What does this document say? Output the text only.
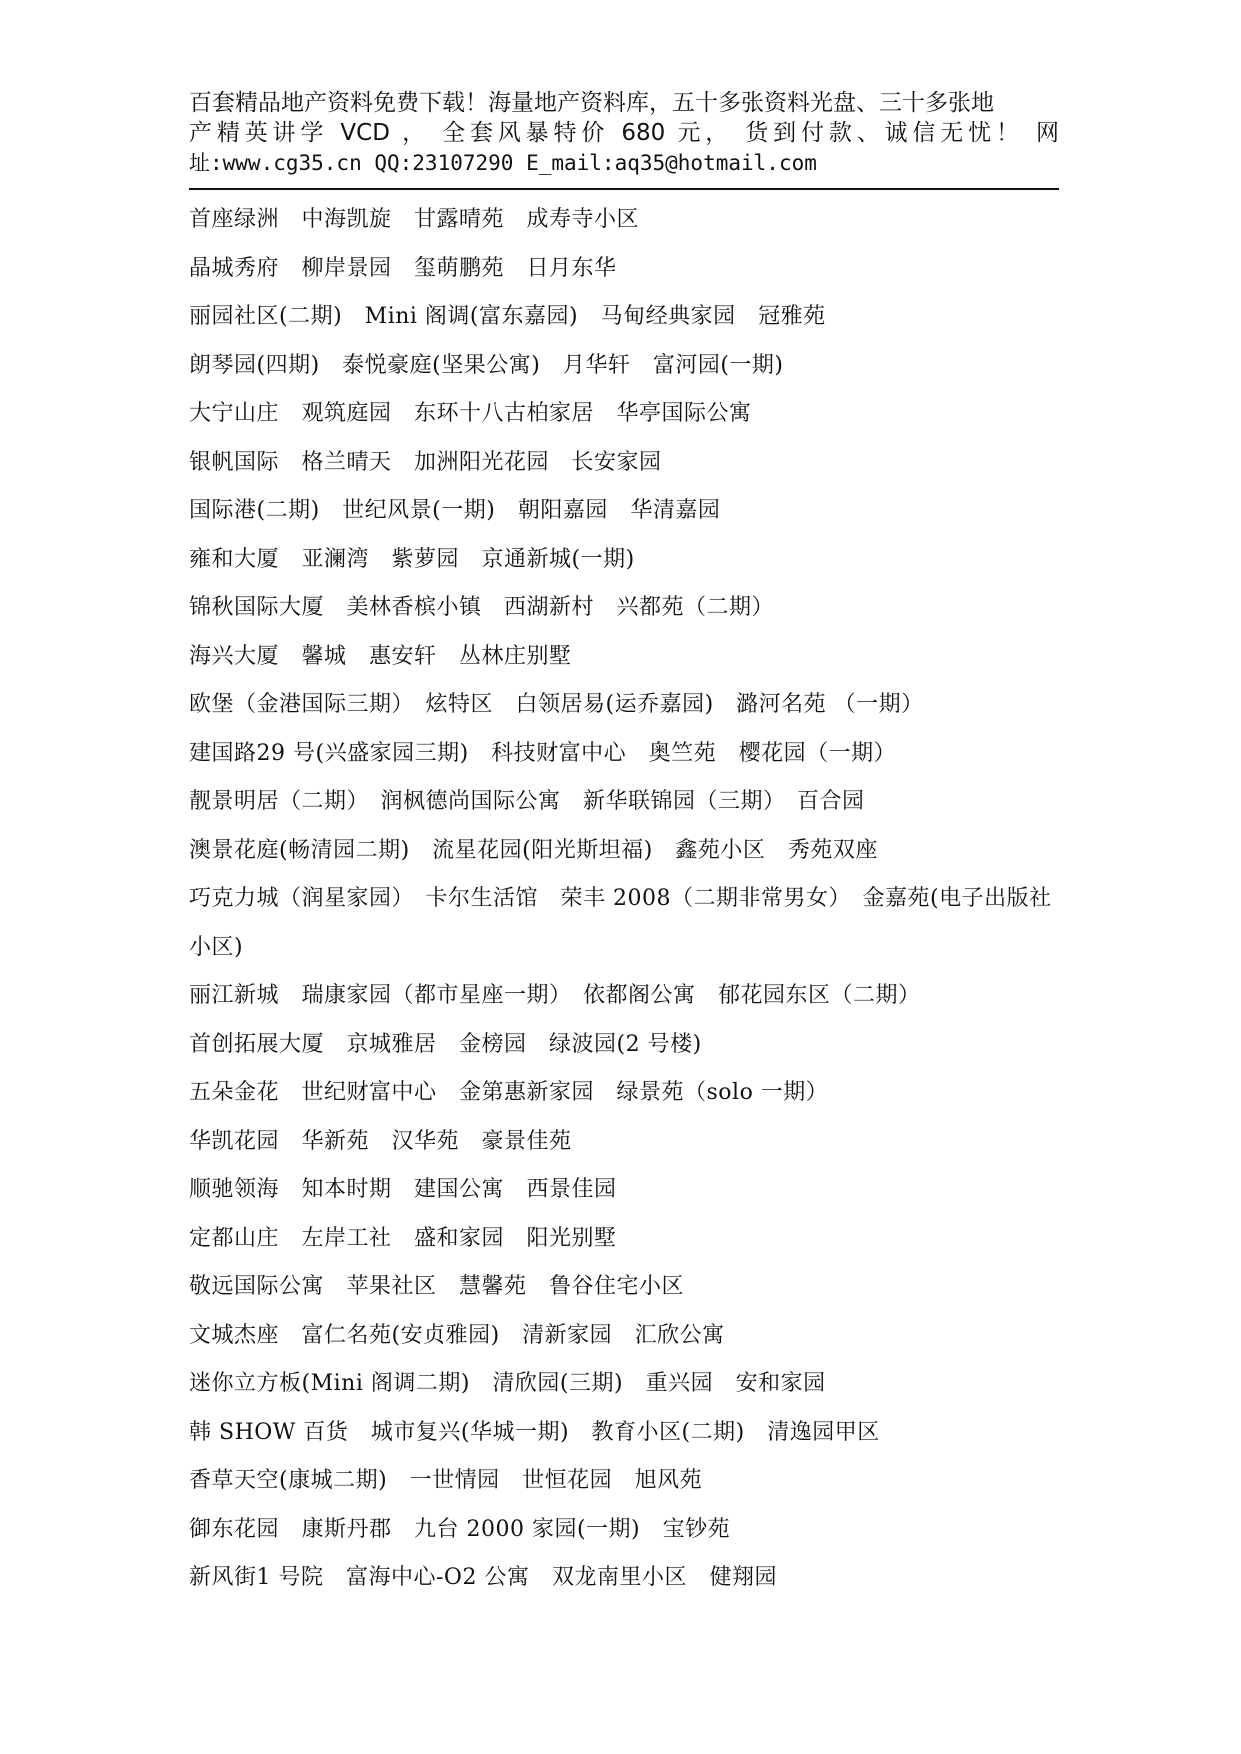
百套精品地产资料免费下载！海量地产资料库，五十多张资料光盘、三十多张地
产精英讲学 VCD ， 全套风暴特价 680 元， 货到付款、诚信无忧！ 网
址:www.cg35.cn QQ:23107290 E_mail:aq35@hotmail.com
首座绿洲　中海凯旋　甘露晴苑　成寿寺小区
晶城秀府　柳岸景园　玺萌鹏苑　日月东华
丽园社区(二期)　Mini 阁调(富东嘉园)　马甸经典家园　冠雅苑
朗琴园(四期)　泰悦豪庭(坚果公寓)　月华轩　富河园(一期)
大宁山庄　观筑庭园　东环十八古柏家居　华亭国际公寓
银帆国际　格兰晴天　加洲阳光花园　长安家园
国际港(二期)　世纪风景(一期)　朝阳嘉园　华清嘉园
雍和大厦　亚澜湾　紫萝园　京通新城(一期)
锦秋国际大厦　美林香槟小镇　西湖新村　兴都苑（二期）
海兴大厦　馨城　惠安轩　丛林庄别墅
欧堡（金港国际三期）　炫特区　白领居易(运乔嘉园)　潞河名苑 （一期）
建国路29 号(兴盛家园三期)　科技财富中心　奥竺苑　樱花园（一期）
靓景明居（二期）　润枫德尚国际公寓　新华联锦园（三期）　百合园
澳景花庭(畅清园二期)　流星花园(阳光斯坦福)　鑫苑小区　秀苑双座
巧克力城（润星家园）　卡尔生活馆　荣丰 2008（二期非常男女）　金嘉苑(电子出版社小区)
丽江新城　瑞康家园（都市星座一期）　依都阁公寓　郁花园东区（二期）
首创拓展大厦　京城雅居　金榜园　绿波园(2 号楼)
五朵金花　世纪财富中心　金第惠新家园　绿景苑（solo 一期）
华凯花园　华新苑　汉华苑　豪景佳苑
顺驰领海　知本时期　建国公寓　西景佳园
定都山庄　左岸工社　盛和家园　阳光别墅
敬远国际公寓　苹果社区　慧馨苑　鲁谷住宅小区
文城杰座　富仁名苑(安贞雅园)　清新家园　汇欣公寓
迷你立方板(Mini 阁调二期)　清欣园(三期)　重兴园　安和家园
韩 SHOW 百货　城市复兴(华城一期)　教育小区(二期)　清逸园甲区
香草天空(康城二期)　一世情园　世恒花园　旭风苑
御东花园　康斯丹郡　九台 2000 家园(一期)　宝钞苑
新风街1 号院　富海中心-O2 公寓　双龙南里小区　健翔园
